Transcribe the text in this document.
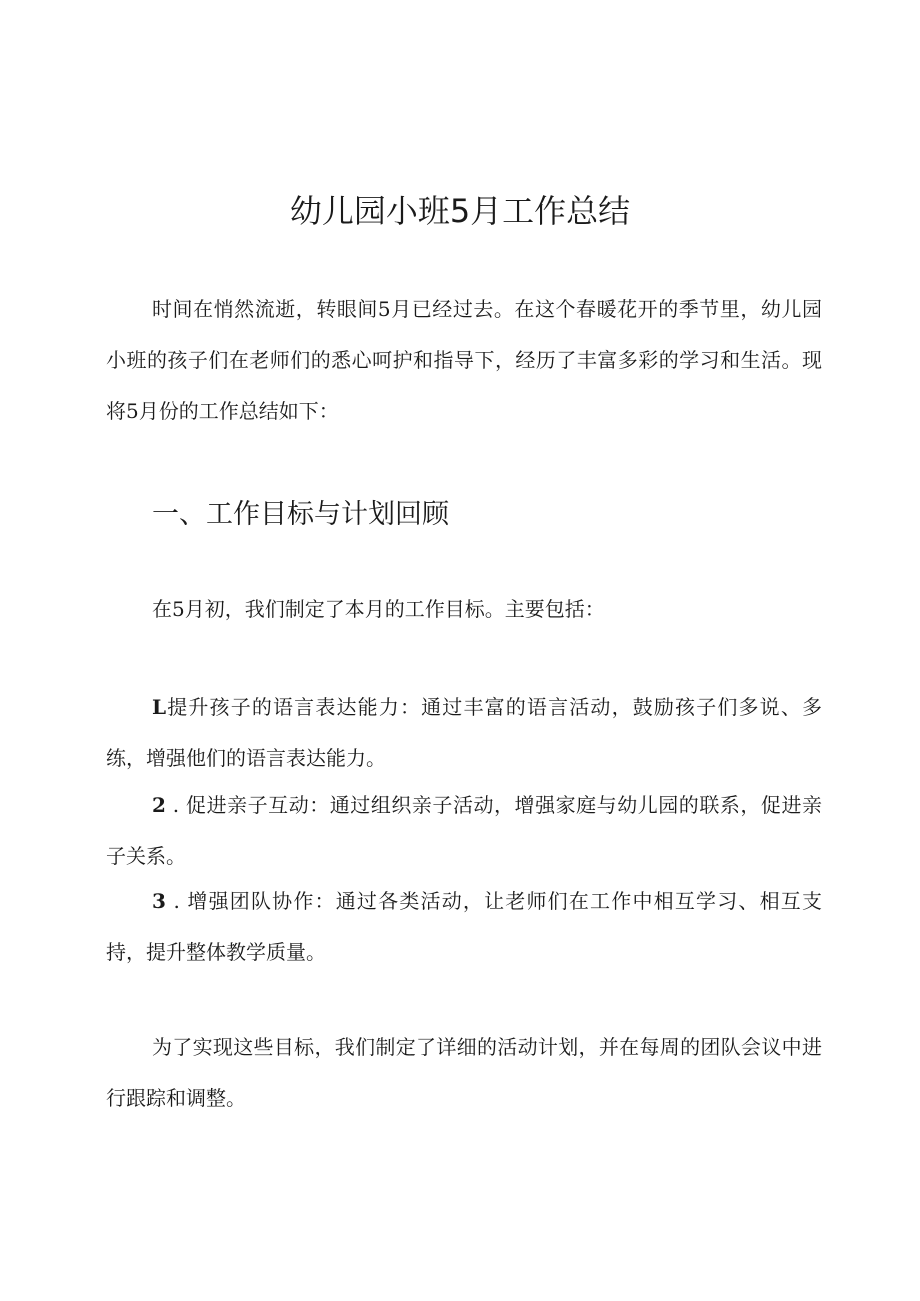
幼儿园小班5月工作总结

时间在悄然流逝，转眼间5月已经过去。在这个春暖花开的季节里，幼儿园小班的孩子们在老师们的悉心呵护和指导下，经历了丰富多彩的学习和生活。现将5月份的工作总结如下：

一、工作目标与计划回顾

在5月初，我们制定了本月的工作目标。主要包括：

L提升孩子的语言表达能力：通过丰富的语言活动，鼓励孩子们多说、多练，增强他们的语言表达能力。

2 . 促进亲子互动：通过组织亲子活动，增强家庭与幼儿园的联系，促进亲子关系。

3 . 增强团队协作：通过各类活动，让老师们在工作中相互学习、相互支持，提升整体教学质量。

为了实现这些目标，我们制定了详细的活动计划，并在每周的团队会议中进行跟踪和调整。
